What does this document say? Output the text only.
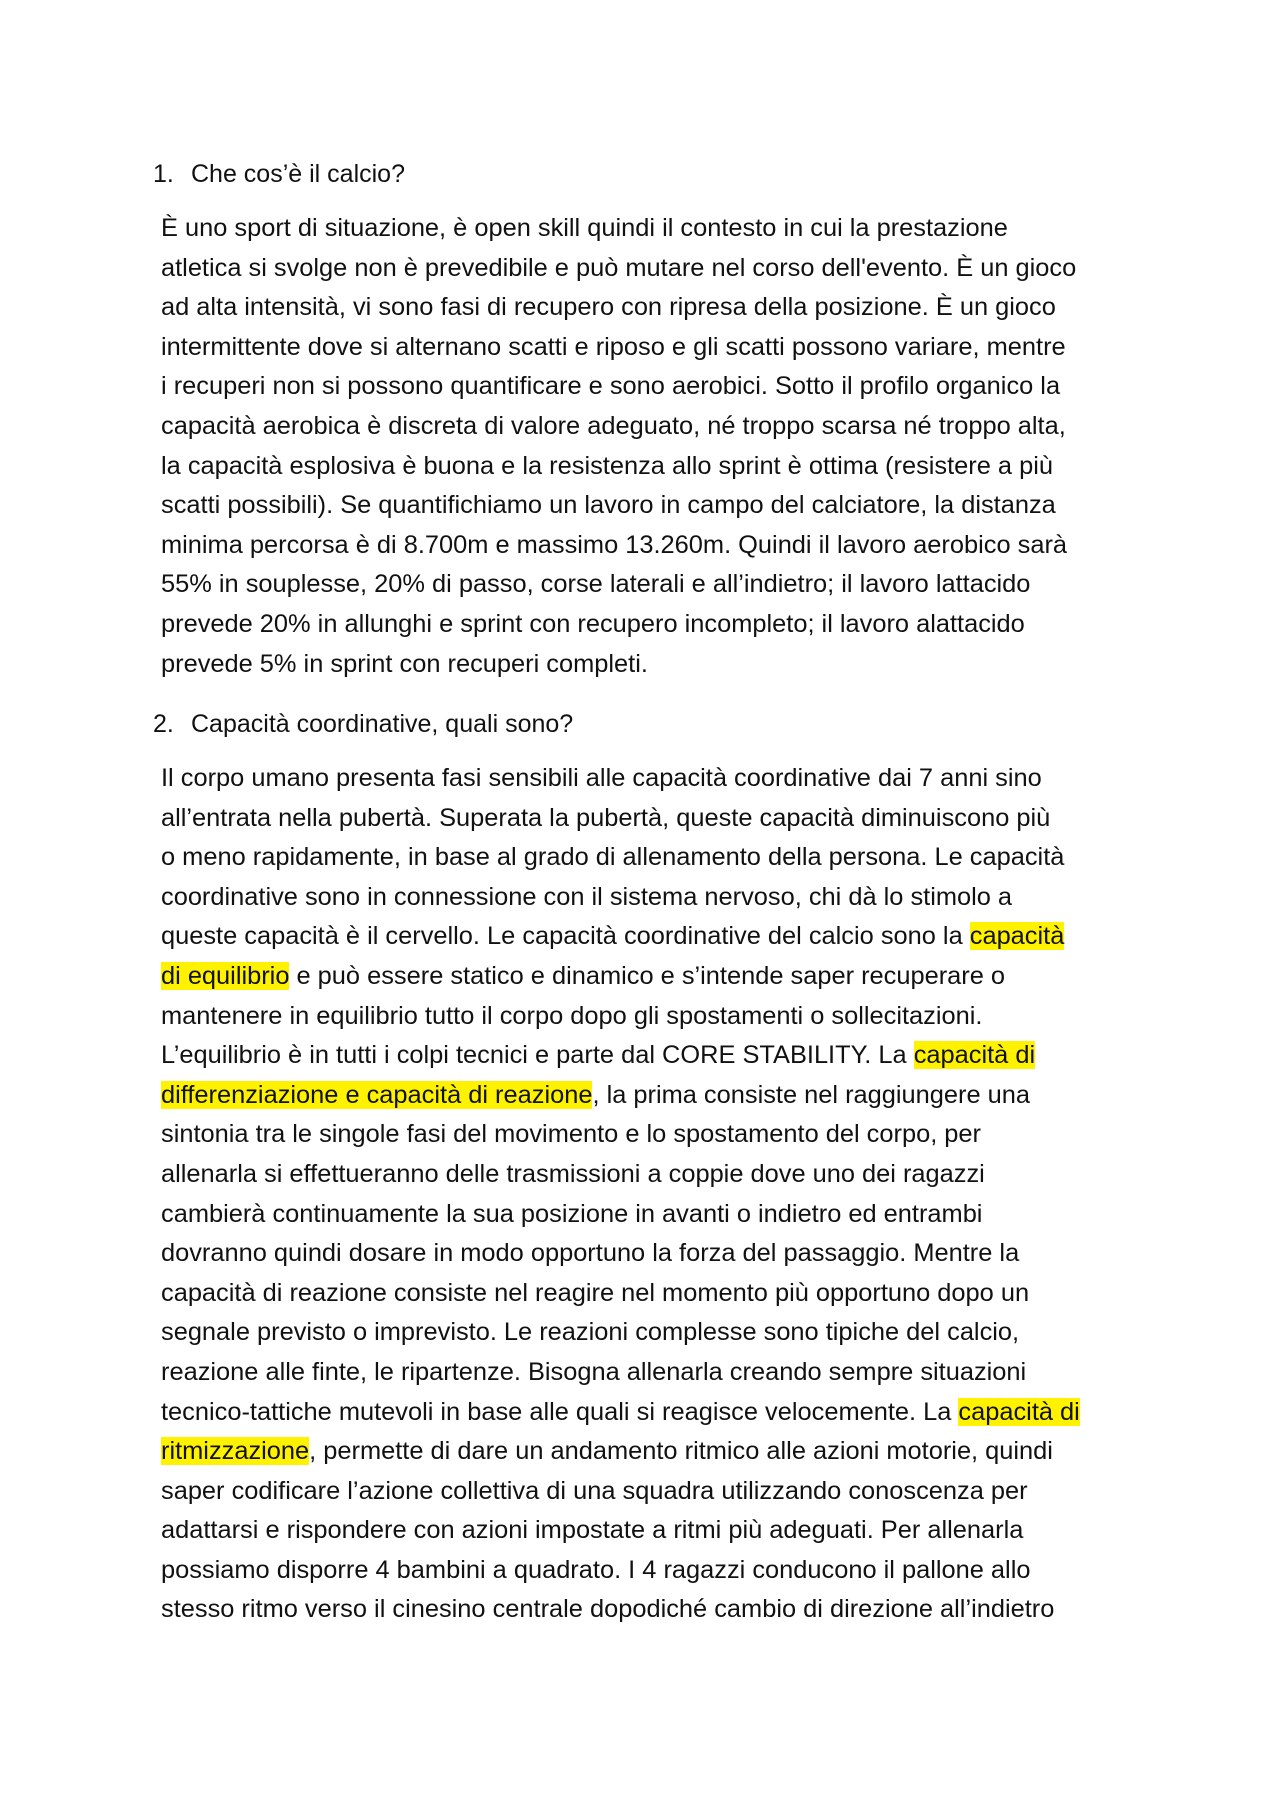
1. Che cos’è il calcio?
È uno sport di situazione, è open skill quindi il contesto in cui la prestazione
atletica si svolge non è prevedibile e può mutare nel corso dell'evento. È un gioco
ad alta intensità, vi sono fasi di recupero con ripresa della posizione. È un gioco
intermittente dove si alternano scatti e riposo e gli scatti possono variare, mentre
i recuperi non si possono quantificare e sono aerobici. Sotto il profilo organico la
capacità aerobica è discreta di valore adeguato, né troppo scarsa né troppo alta,
la capacità esplosiva è buona e la resistenza allo sprint è ottima (resistere a più
scatti possibili). Se quantifichiamo un lavoro in campo del calciatore, la distanza
minima percorsa è di 8.700m e massimo 13.260m. Quindi il lavoro aerobico sarà
55% in souplesse, 20% di passo, corse laterali e all’indietro; il lavoro lattacido
prevede 20% in allunghi e sprint con recupero incompleto; il lavoro alattacido
prevede 5% in sprint con recuperi completi.
2. Capacità coordinative, quali sono?
Il corpo umano presenta fasi sensibili alle capacità coordinative dai 7 anni sino
all’entrata nella pubertà. Superata la pubertà, queste capacità diminuiscono più
o meno rapidamente, in base al grado di allenamento della persona. Le capacità
coordinative sono in connessione con il sistema nervoso, chi dà lo stimolo a
queste capacità è il cervello. Le capacità coordinative del calcio sono la capacità
di equilibrio e può essere statico e dinamico e s’intende saper recuperare o
mantenere in equilibrio tutto il corpo dopo gli spostamenti o sollecitazioni.
L’equilibrio è in tutti i colpi tecnici e parte dal CORE STABILITY. La capacità di
differenziazione e capacità di reazione, la prima consiste nel raggiungere una
sintonia tra le singole fasi del movimento e lo spostamento del corpo, per
allenarla si effettueranno delle trasmissioni a coppie dove uno dei ragazzi
cambierà continuamente la sua posizione in avanti o indietro ed entrambi
dovranno quindi dosare in modo opportuno la forza del passaggio. Mentre la
capacità di reazione consiste nel reagire nel momento più opportuno dopo un
segnale previsto o imprevisto. Le reazioni complesse sono tipiche del calcio,
reazione alle finte, le ripartenze. Bisogna allenarla creando sempre situazioni
tecnico-tattiche mutevoli in base alle quali si reagisce velocemente. La capacità di
ritmizzazione, permette di dare un andamento ritmico alle azioni motorie, quindi
saper codificare l’azione collettiva di una squadra utilizzando conoscenza per
adattarsi e rispondere con azioni impostate a ritmi più adeguati. Per allenarla
possiamo disporre 4 bambini a quadrato. I 4 ragazzi conducono il pallone allo
stesso ritmo verso il cinesino centrale dopodiché cambio di direzione all’indietro
